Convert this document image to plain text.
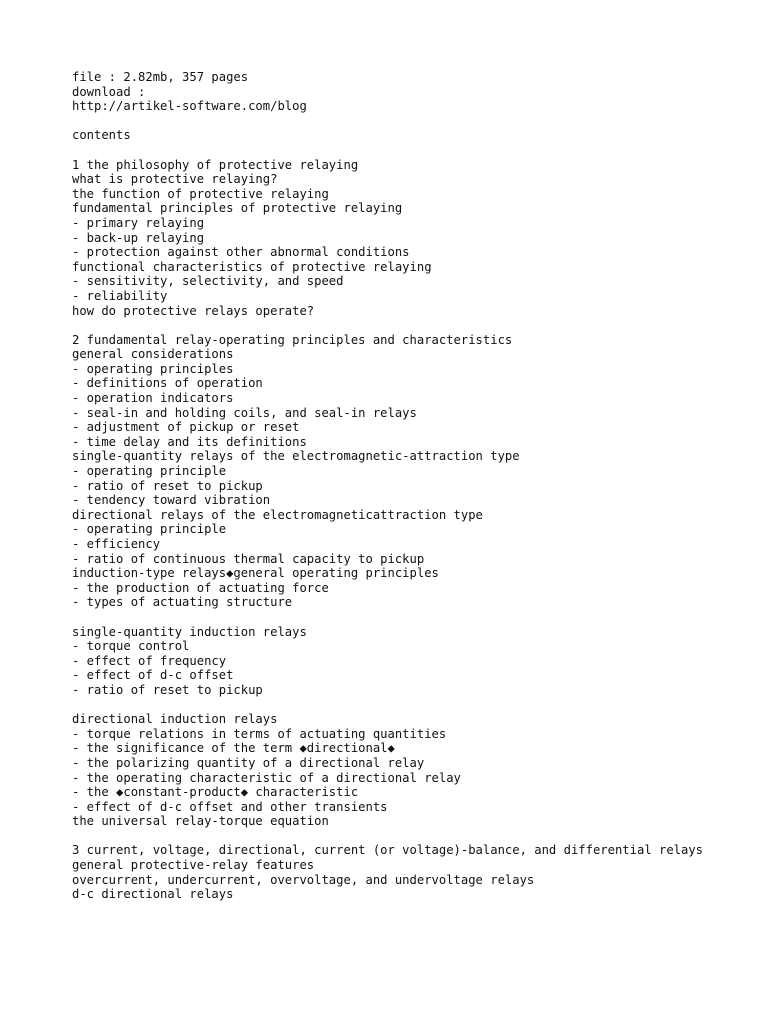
file : 2.82mb, 357 pages
download :
http://artikel-software.com/blog
contents
1 the philosophy of protective relaying
what is protective relaying?
the function of protective relaying
fundamental principles of protective relaying
- primary relaying
- back-up relaying
- protection against other abnormal conditions
functional characteristics of protective relaying
- sensitivity, selectivity, and speed
- reliability
how do protective relays operate?
2 fundamental relay-operating principles and characteristics
general considerations
- operating principles
- definitions of operation
- operation indicators
- seal-in and holding coils, and seal-in relays
- adjustment of pickup or reset
- time delay and its definitions
single-quantity relays of the electromagnetic-attraction type
- operating principle
- ratio of reset to pickup
- tendency toward vibration
directional relays of the electromagneticattraction type
- operating principle
- efficiency
- ratio of continuous thermal capacity to pickup
induction-type relays◆general operating principles
- the production of actuating force
- types of actuating structure
single-quantity induction relays
- torque control
- effect of frequency
- effect of d-c offset
- ratio of reset to pickup
directional induction relays
- torque relations in terms of actuating quantities
- the significance of the term ◆directional◆
- the polarizing quantity of a directional relay
- the operating characteristic of a directional relay
- the ◆constant-product◆ characteristic
- effect of d-c offset and other transients
the universal relay-torque equation
3 current, voltage, directional, current (or voltage)-balance, and differential relays
general protective-relay features
overcurrent, undercurrent, overvoltage, and undervoltage relays
d-c directional relays
